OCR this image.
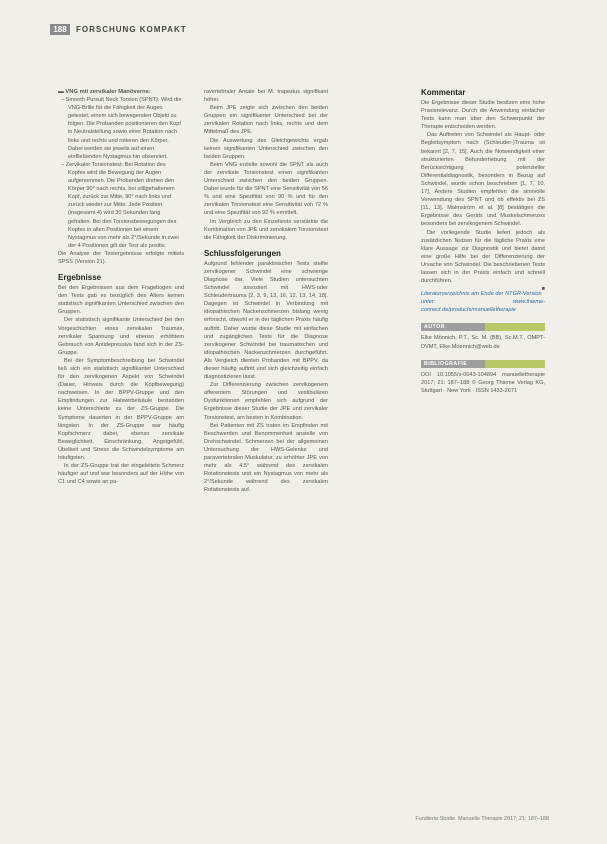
188	FORSCHUNG KOMPAKT

▬ VNG mit zervikaler Manöverns:

– Smooth Pursuit Neck Torsion (SPNT): Wird die VNG-Brille füt die Fähigkeit der Augen getestet, einem sich bewegenden Objekt zu folgen. Die Probanden positionieren den Kopf in Neutralstellung sowie einer Rotation nach links und rechts und rotieren den Körper. Dabei werden sie jeweils auf einen einfließenden Nystagmus hin observiert.

– Zervikaler Torsionstest: Bei Rotation des Kopfes wird die Bewegung der Augen aufgenommen. Die Probanden drehen den Körper 90° nach rechts, bei stillgehaltenem Kopf, zurück zur Mitte, 90° nach links und zurück wieder zur Mitte. Jede Position (insgesamt 4) wird 30 Sekunden lang gehalten. Bei den Torsionsbewegungen des Kopfes in allen Positionen bei einem Nystagmus von mehr als 2°/Sekunde in zwei der 4 Positionen gilt der Test als positiv.

Die Analyse der Testergebnisse erfolgte mittels SPSS (Version 21).

Ergebnisse

Bei den Ergebnissen aus dem Fragebogen und den Tests gab es bezüglich des Alters keinen statistisch signifikanten Unterschied zwischen den Gruppen.

Der statistisch signifikante Unterschied bei den Vorgeschichten eines zervikalen Traumas, zervikaler Spannung und ebenso erhöhtem Gebrauch von Antidepressiva fand sich in der ZS-Gruppe.

Bei der Symptombeschreibung bei Schwindel ließ sich ein statistisch signifikanter Unterschied für den zervikogenen Aspekt von Schwindel (Dauer, Hinweis durch die Kopfbewegung) nachweisen. In der BPPV-Gruppe und den Empfindungen zur Halswirbelsäule bestanden keine Unterschiede zu der ZS-Gruppe. Die Symptome dauerten in der BPPV-Gruppe am längsten. In der ZS-Gruppe war häufig Kopfschmerz dabei, ebenso zervikale Beweglichkeit, Einschränkung, Angstgefühl, Übelkeit und Stress die Schwindelsymptome am häufigsten.

In der ZS-Gruppe trat der eingeleitete Schmerz häufiger auf und war besonders auf der Höhe von C1 und C4 sowie an pa-

ravertebraler Areale bei M. trapezius signifikant höher.

Beim JPE zeigte sich zwischen den beiden Gruppen ein signifikanter Unterschied bei der zervikalen Rotation nach links, rechts und dem Mittelmaß des JPE.

Die Auswertung des Gleichgewichts ergab keinen signifikanten Unterschied zwischen den beiden Gruppen.

Beim VNG erzielte sowohl die SPNT als auch der zervikale Torsionstest einen signifikanten Unterschied zwischen den beiden Gruppen. Dabei wurde für die SPNT eine Sensitivität von 56 % und eine Spezifität von 90 % und für den zervikalen Torsionstest eine Sensitivität von 72 % und eine Spezifität von 92 % ermittelt.

Im Vergleich zu den Einzeltests verstärkte die Kombination von JPE und zervikalem Torsionstest die Fähigkeit der Diskriminierung.

Schlussfolgerungen

Aufgrund fehlender paraklinischer Tests stellte zervikogener Schwindel eine schwierige Diagnose dar. Viele Studien untersuchten Schwindel assoziiert mit HWS-oder Schleudertrauma [2, 3, 9, 13, 16, 12, 13, 14, 18]. Dagegen ist Schwindel in Verbindung mit idiopathischen Nackenschmerzen bislang wenig erforscht, obwohl er in der täglichen Praxis häufig auftritt. Daher wurde diese Studie mit einfachen und zugänglichen Tests für die Diagnose zervikogener Schwindel bei traumatischen und idiopathischen Nackenschmerzen durchgeführt. Als Vergleich dienten Probanden mit BPPV, da dieser häufig auftritt und sich gleichzeitig einfach diagnostizieren lässt.

Zur Differenzierung zwischen zervikogenem afferentem Störungen und vestibulären Dysfunktionen empfehlen sich aufgrund der Ergebnisse dieser Studie der JPE und zervikaler Torsionstest, am besten in Kombination.

Bei Patienten mit ZS traten im Empfinden mit Beschwerden und Benommenheit anstelle von Drehschwindel. Schmerzen bei der allgemeinen Untersuchung der HWS-Gelenke und paravertebralen Muskulatur, zu erhöhter JPE von mehr als 4.5° während des zervikalen Rotationstests und ein Nystagmus von mehr als 2°/Sekunde während des zervikalen Rotationstests auf.

Kommentar

Die Ergebnisse dieser Studie besitzen eine hohe Praxisrelevanz. Durch die Anwendung einfacher Tests kann man über den Schwerpunkt der Therapie entscheiden werden.

Das Auftreten von Schwindel als Haupt- oder Begleitsymptom nach (Schleuder-)Trauma ist bekannt [2, 7, 15]. Auch die Notwendigkeit einer strukturierten Befunderhebung mit der Berücksichtigung potenzieller Differentialdiagnostik, besonders in Bezug auf Schwindel, wurde schon beschrieben [1, 7, 10, 17]. Andere Studien empfehlen die sinnvolle Verwendung des SPNT und ob effektiv bei ZS [11, 13]. Malmström et al. [8] bestätigen die Ergebnisse des Geräts und Muskelschmerzes besonders bei zervikogenem Schwindel.

Die vorliegende Studie liefert jedoch als zusätzlichen Nutzen für die tägliche Praxis eine klare Aussage zur Diagnostik und bietet damit eine große Hilfe bei der Differenzierung der Ursache von Schwindel. Die beschriebenen Tests lassen sich in der Praxis einfach und schnell durchführen.

■

Literaturverzeichnis am Ende der NTGR-Version unter: www.thieme-connect.de/products/manuelletherapie

AUTOR

Elke Mönnich, P.T., Sc. M. (BB), Sc.M.T., OMPT-DVMT, Elke.Moennich@web.de

BIBLIOGRAFIE

DOI 10.1055/s-0043-104894 manuelletherapie 2017; 21: 187–188 © Georg Thieme Verlag KG, Stuttgart · New York · ISSN 1433-2671

Fundierte Studie. Manuelle Therapie 2017; 21: 187–188
